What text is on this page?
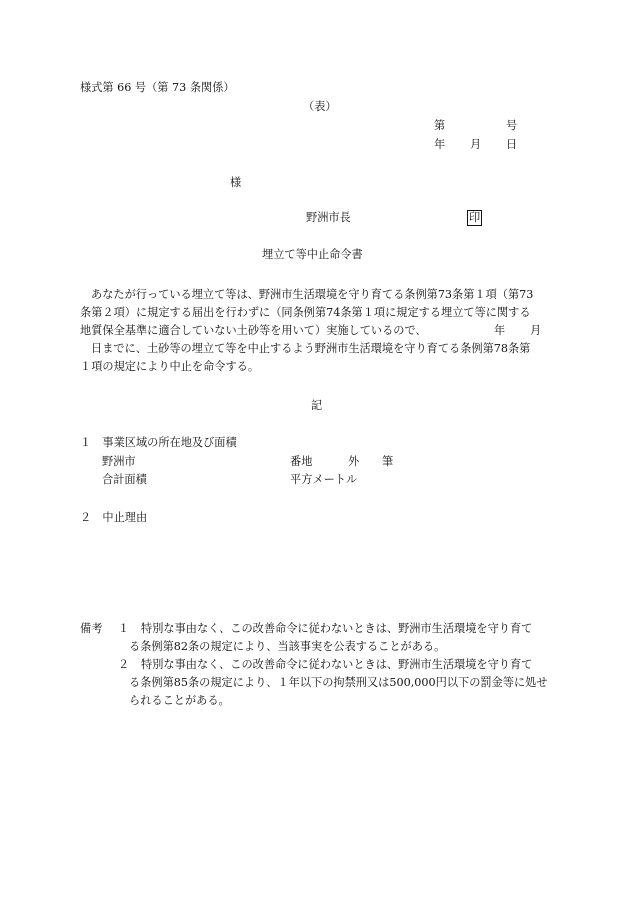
様式第 66 号（第 73 条関係）
（表）
第	号
年 月 日
様
野洲市長	印
埋立て等中止命令書
あなたが行っている埋立て等は、野洲市生活環境を守り育てる条例第73条第１項（第73
条第２項）に規定する届出を行わずに（同条例第74条第１項に規定する埋立て等に関する
地質保全基準に適合していない土砂等を用いて）実施しているので、	年 月
日までに、土砂等の埋立て等を中止するよう野洲市生活環境を守り育てる条例第78条第
１項の規定により中止を命令する。
記
１　事業区域の所在地及び面積
野洲市	番地	外 筆
合計面積	平方メートル
２　中止理由
備考 １ 特別な事由なく、この改善命令に従わないときは、野洲市生活環境を守り育て
る条例第82条の規定により、当該事実を公表することがある。
２ 特別な事由なく、この改善命令に従わないときは、野洲市生活環境を守り育て
る条例第85条の規定により、１年以下の拘禁刑又は500,000円以下の罰金等に処せ
られることがある。
